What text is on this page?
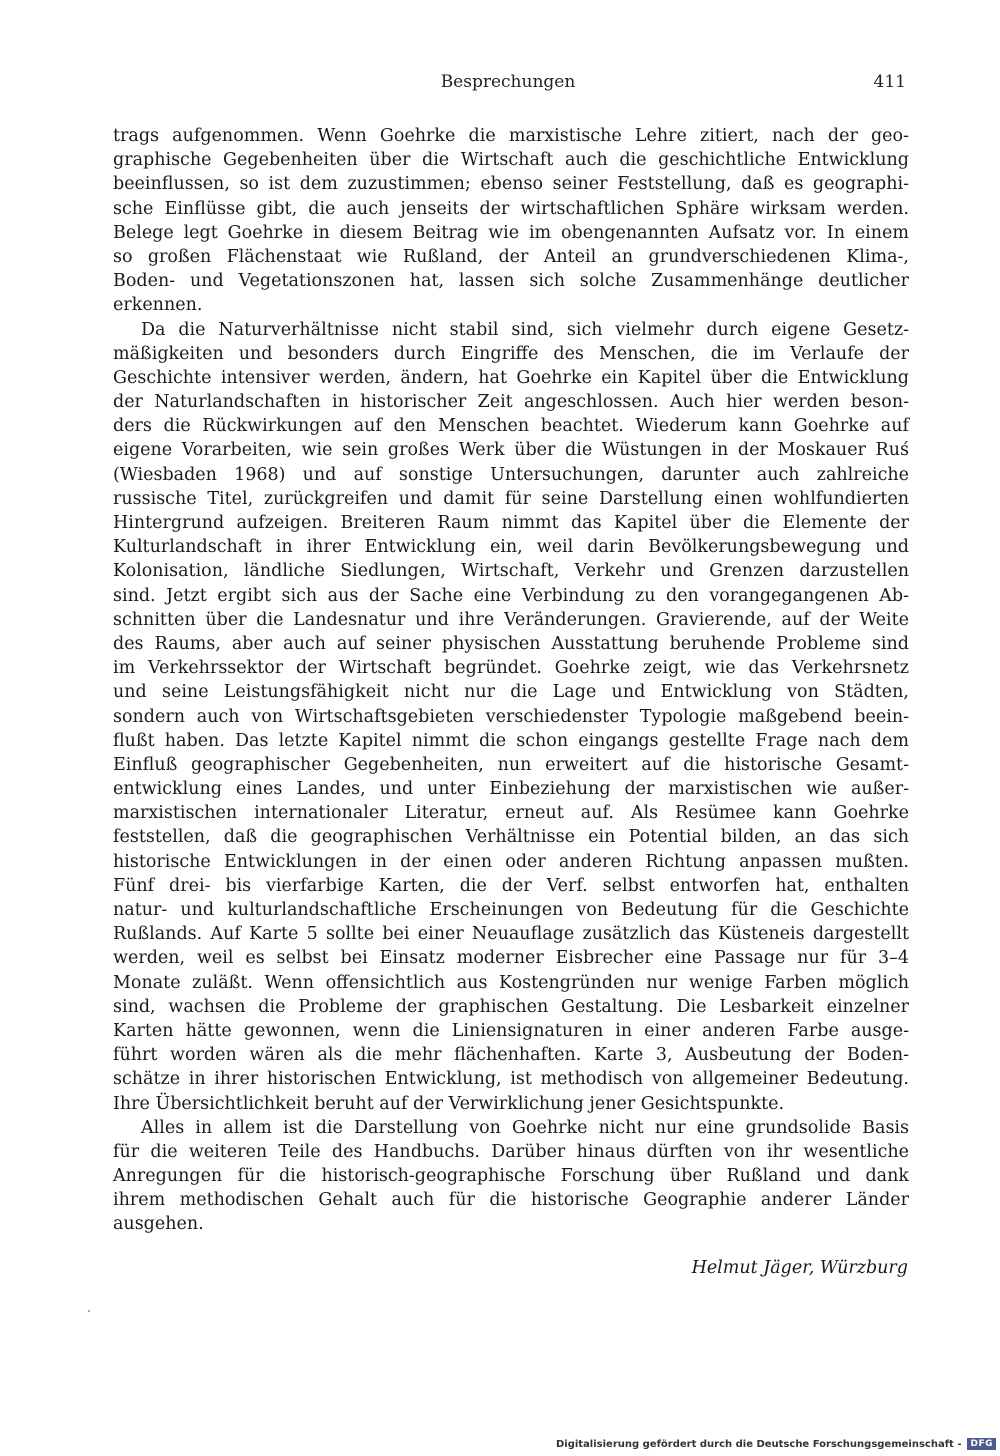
Besprechungen	411
trags aufgenommen. Wenn Goehrke die marxistische Lehre zitiert, nach der geo-
graphische Gegebenheiten über die Wirtschaft auch die geschichtliche Entwicklung
beeinflussen, so ist dem zuzustimmen; ebenso seiner Feststellung, daß es geographi-
sche Einflüsse gibt, die auch jenseits der wirtschaftlichen Sphäre wirksam werden.
Belege legt Goehrke in diesem Beitrag wie im obengenannten Aufsatz vor. In einem
so großen Flächenstaat wie Rußland, der Anteil an grundverschiedenen Klima-,
Boden- und Vegetationszonen hat, lassen sich solche Zusammenhänge deutlicher
erkennen.
Da die Naturverhältnisse nicht stabil sind, sich vielmehr durch eigene Gesetz-
mäßigkeiten und besonders durch Eingriffe des Menschen, die im Verlaufe der
Geschichte intensiver werden, ändern, hat Goehrke ein Kapitel über die Entwicklung
der Naturlandschaften in historischer Zeit angeschlossen. Auch hier werden beson-
ders die Rückwirkungen auf den Menschen beachtet. Wiederum kann Goehrke auf
eigene Vorarbeiten, wie sein großes Werk über die Wüstungen in der Moskauer Ruś
(Wiesbaden 1968) und auf sonstige Untersuchungen, darunter auch zahlreiche
russische Titel, zurückgreifen und damit für seine Darstellung einen wohlfundierten
Hintergrund aufzeigen. Breiteren Raum nimmt das Kapitel über die Elemente der
Kulturlandschaft in ihrer Entwicklung ein, weil darin Bevölkerungsbewegung und
Kolonisation, ländliche Siedlungen, Wirtschaft, Verkehr und Grenzen darzustellen
sind. Jetzt ergibt sich aus der Sache eine Verbindung zu den vorangegangenen Ab-
schnitten über die Landesnatur und ihre Veränderungen. Gravierende, auf der Weite
des Raums, aber auch auf seiner physischen Ausstattung beruhende Probleme sind
im Verkehrssektor der Wirtschaft begründet. Goehrke zeigt, wie das Verkehrsnetz
und seine Leistungsfähigkeit nicht nur die Lage und Entwicklung von Städten,
sondern auch von Wirtschaftsgebieten verschiedenster Typologie maßgebend beein-
flußt haben. Das letzte Kapitel nimmt die schon eingangs gestellte Frage nach dem
Einfluß geographischer Gegebenheiten, nun erweitert auf die historische Gesamt-
entwicklung eines Landes, und unter Einbeziehung der marxistischen wie außer-
marxistischen internationaler Literatur, erneut auf. Als Resümee kann Goehrke
feststellen, daß die geographischen Verhältnisse ein Potential bilden, an das sich
historische Entwicklungen in der einen oder anderen Richtung anpassen mußten.
Fünf drei- bis vierfarbige Karten, die der Verf. selbst entworfen hat, enthalten
natur- und kulturlandschaftliche Erscheinungen von Bedeutung für die Geschichte
Rußlands. Auf Karte 5 sollte bei einer Neuauflage zusätzlich das Küsteneis dargestellt
werden, weil es selbst bei Einsatz moderner Eisbrecher eine Passage nur für 3–4
Monate zuläßt. Wenn offensichtlich aus Kostengründen nur wenige Farben möglich
sind, wachsen die Probleme der graphischen Gestaltung. Die Lesbarkeit einzelner
Karten hätte gewonnen, wenn die Liniensignaturen in einer anderen Farbe ausge-
führt worden wären als die mehr flächenhaften. Karte 3, Ausbeutung der Boden-
schätze in ihrer historischen Entwicklung, ist methodisch von allgemeiner Bedeutung.
Ihre Übersichtlichkeit beruht auf der Verwirklichung jener Gesichtspunkte.
Alles in allem ist die Darstellung von Goehrke nicht nur eine grundsolide Basis
für die weiteren Teile des Handbuchs. Darüber hinaus dürften von ihr wesentliche
Anregungen für die historisch-geographische Forschung über Rußland und dank
ihrem methodischen Gehalt auch für die historische Geographie anderer Länder
ausgehen.
Helmut Jäger, Würzburg
Digitalisierung gefördert durch die Deutsche Forschungsgemeinschaft -	DFG
